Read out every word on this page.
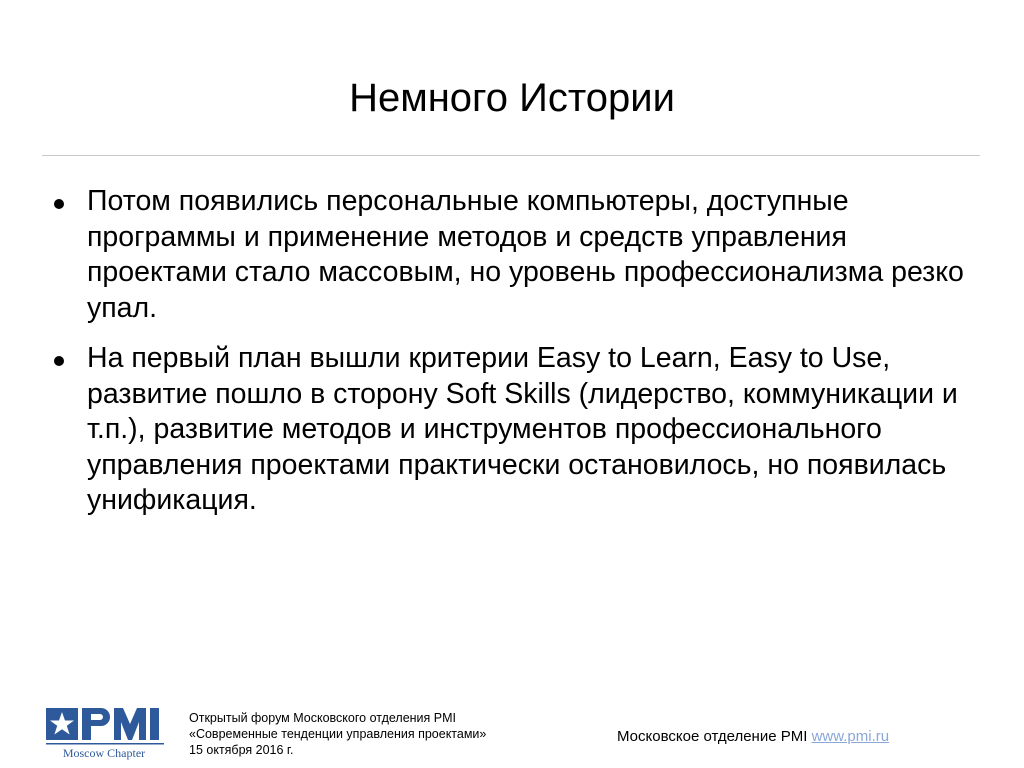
Немного Истории
Потом появились персональные компьютеры, доступные программы и применение методов и средств управления проектами стало массовым, но уровень профессионализма резко упал.
На первый план вышли критерии Easy to Learn, Easy to Use, развитие пошло в сторону Soft Skills (лидерство, коммуникации и т.п.), развитие методов и инструментов профессионального управления проектами практически остановилось, но появилась унификация.
Moscow Chapter
Открытый форум Московского отделения PMI
«Современные тенденции управления проектами»
15 октября 2016 г.
Московское отделение PMI www.pmi.ru
